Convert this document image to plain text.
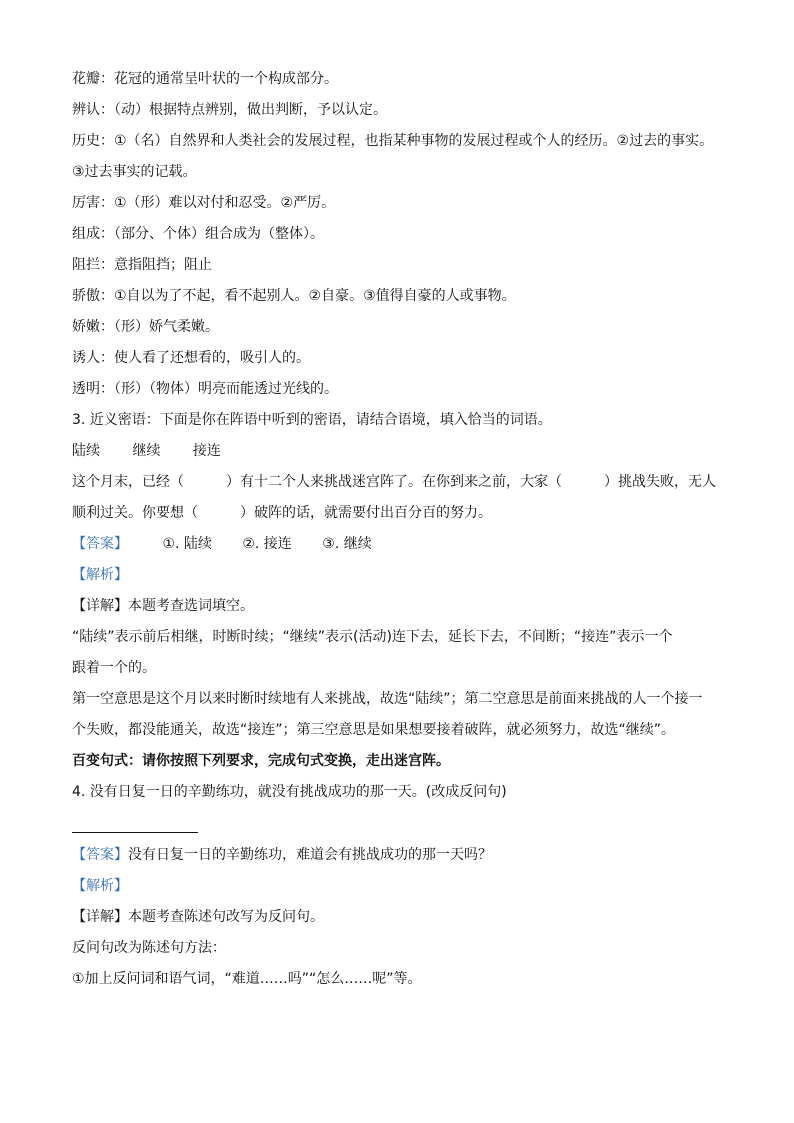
花瓣：花冠的通常呈叶状的一个构成部分。
辨认：（动）根据特点辨别，做出判断，予以认定。
历史：①（名）自然界和人类社会的发展过程，也指某种事物的发展过程或个人的经历。②过去的事实。
③过去事实的记载。
厉害：①（形）难以对付和忍受。②严厉。
组成：（部分、个体）组合成为（整体）。
阻拦：意指阻挡；阻止
骄傲：①自以为了不起，看不起别人。②自豪。③值得自豪的人或事物。
娇嫩：（形）娇气柔嫩。
诱人：使人看了还想看的，吸引人的。
透明：（形）（物体）明亮而能透过光线的。
3. 近义密语：下面是你在阵语中听到的密语，请结合语境，填入恰当的词语。
陆续 继续 接连
这个月末，已经（　　　）有十二个人来挑战迷宫阵了。在你到来之前，大家（　　　）挑战失败，无人
顺利过关。你要想（　　　）破阵的话，就需要付出百分百的努力。
【答案】 ①. 陆续 ②. 接连 ③. 继续
【解析】
【详解】本题考查选词填空。
“陆续”表示前后相继，时断时续；“继续”表示(活动)连下去，延长下去，不间断；“接连”表示一个
跟着一个的。
第一空意思是这个月以来时断时续地有人来挑战，故选“陆续”；第二空意思是前面来挑战的人一个接一
个失败，都没能通关，故选“接连”；第三空意思是如果想要接着破阵，就必须努力，故选“继续”。
百变句式：请你按照下列要求，完成句式变换，走出迷宫阵。
4. 没有日复一日的辛勤练功，就没有挑战成功的那一天。(改成反问句)
【答案】没有日复一日的辛勤练功，难道会有挑战成功的那一天吗？
【解析】
【详解】本题考查陈述句改写为反问句。
反问句改为陈述句方法：
①加上反问词和语气词，“难道……吗”“怎么……呢”等。
